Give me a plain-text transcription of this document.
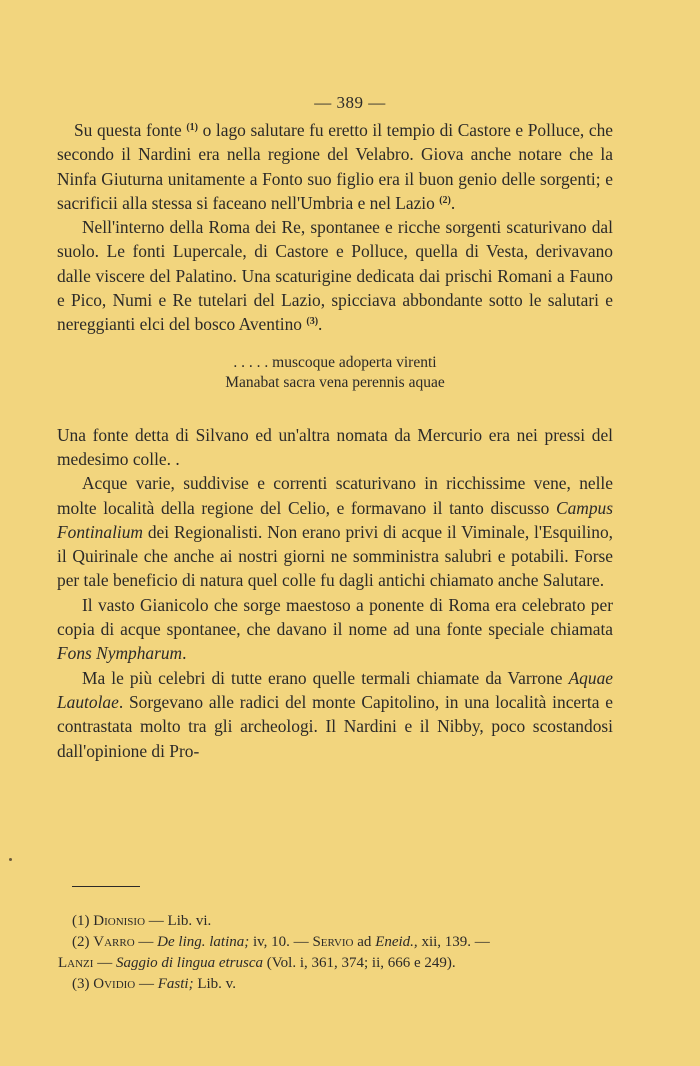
— 389 —

Su questa fonte $^{(1)}$ o lago salutare fu eretto il tempio di Castore e Polluce, che secondo il Nardini era nella regione del Velabro. Giova anche notare che la Ninfa Giuturna unitamente a Fonto suo figlio era il buon genio delle sorgenti; e sacrificii alla stessa si faceano nell'Umbria e nel Lazio $^{(2)}$.

Nell'interno della Roma dei Re, spontanee e ricche sorgenti scaturivano dal suolo. Le fonti Lupercale, di Castore e Polluce, quella di Vesta, derivavano dalle viscere del Palatino. Una scaturigine dedicata dai prischi Romani a Fauno e Pico, Numi e Re tutelari del Lazio, spicciava abbondante sotto le salutari e nereggianti elci del bosco Aventino $^{(3)}$.

. . . . . muscoque adoperta virenti
Manabat sacra vena perennis aquae

Una fonte detta di Silvano ed un'altra nomata da Mercurio era nei pressi del medesimo colle. .

Acque varie, suddivise e correnti scaturivano in ricchissime vene, nelle molte località della regione del Celio, e formavano il tanto discusso Campus Fontinalium dei Regionalisti. Non erano privi di acque il Viminale, l'Esquilino, il Quirinale che anche ai nostri giorni ne somministra salubri e potabili. Forse per tale beneficio di natura quel colle fu dagli antichi chiamato anche Salutare.

Il vasto Gianicolo che sorge maestoso a ponente di Roma era celebrato per copia di acque spontanee, che davano il nome ad una fonte speciale chiamata Fons Nympharum.

Ma le più celebri di tutte erano quelle termali chiamate da Varrone Aquae Lautolae. Sorgevano alle radici del monte Capitolino, in una località incerta e contrastata molto tra gli archeologi. Il Nardini e il Nibby, poco scostandosi dall'opinione di Pro-

(1) Dionisio — Lib. vi.
(2) Varro — De ling. latina; iv, 10. — Servio ad Eneid., xii, 139. —
Lanzi — Saggio di lingua etrusca (Vol. i, 361, 374; ii, 666 e 249).
(3) Ovidio — Fasti; Lib. v.
